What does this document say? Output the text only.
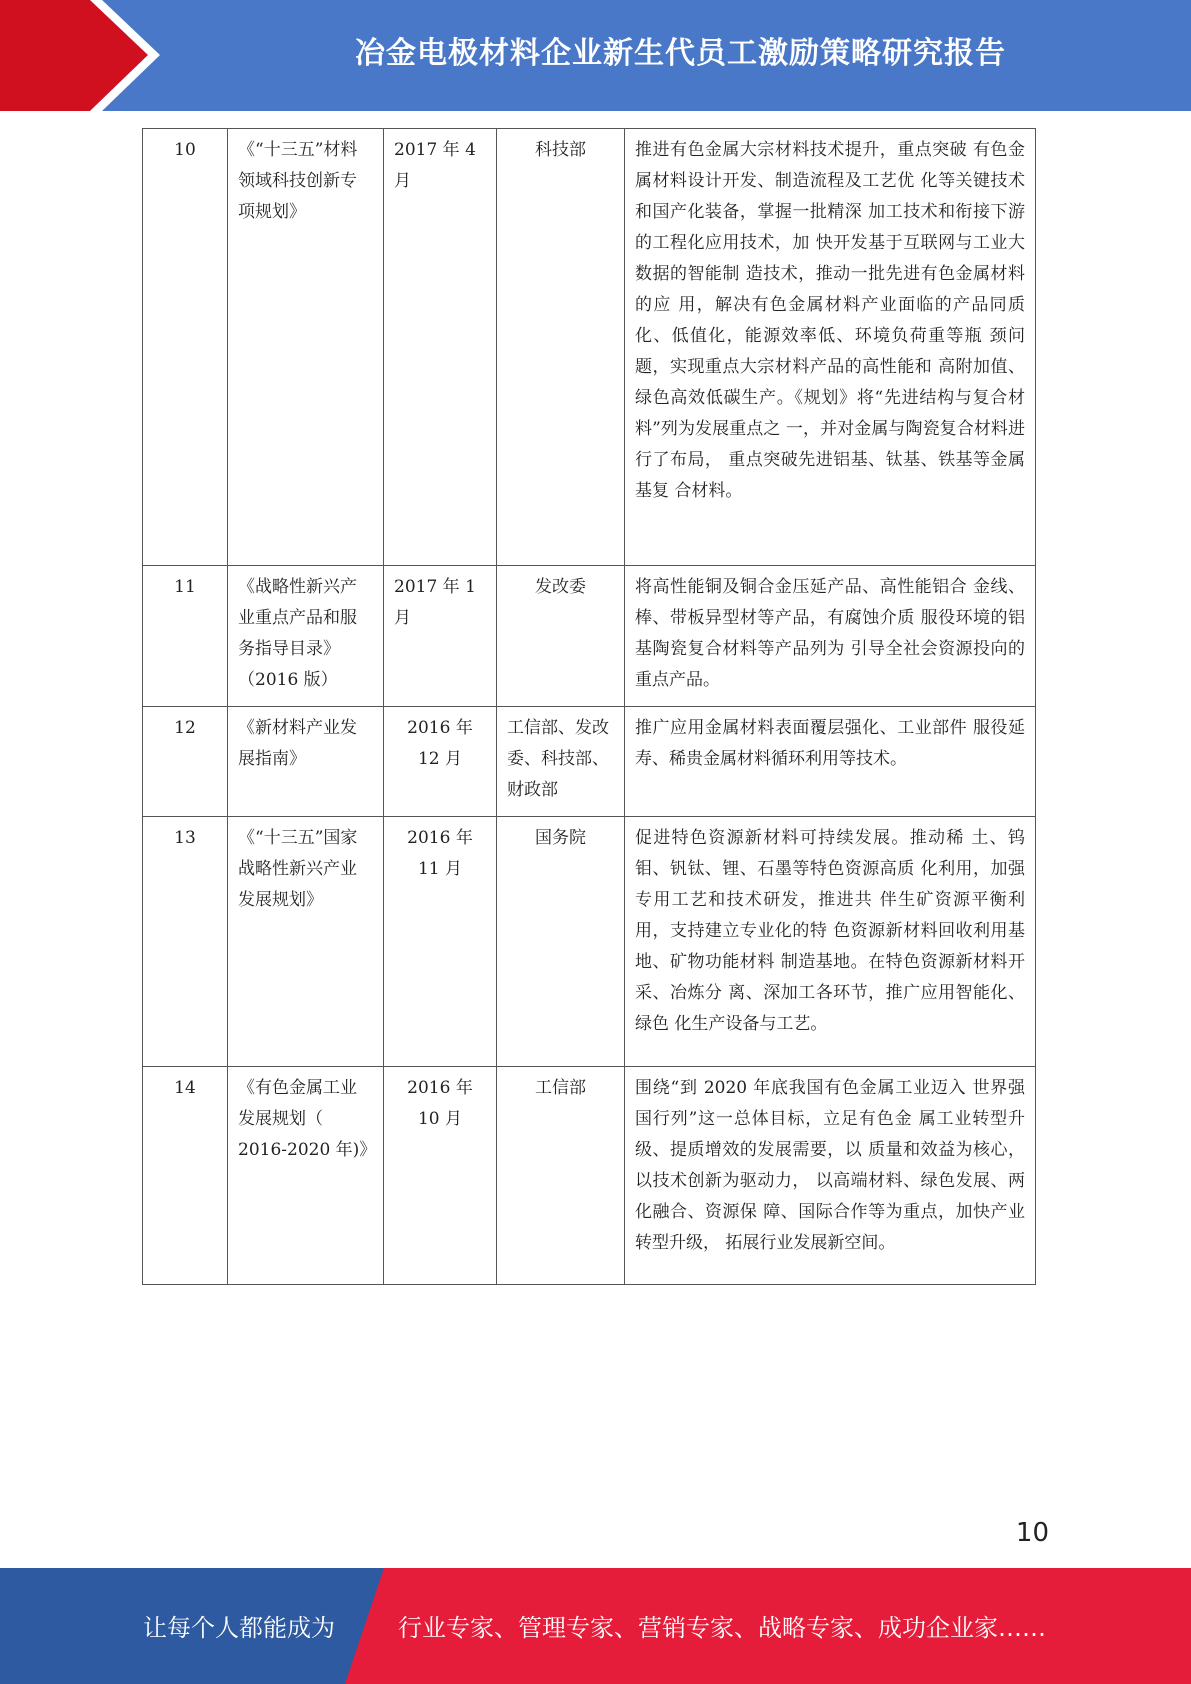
冶金电极材料企业新生代员工激励策略研究报告
10	《“十三五”材料 领域科技创新专 项规划》	2017 年 4 月	科技部	推进有色金属大宗材料技术提升，重点突破 有色金属材料设计开发、制造流程及工艺优 化等关键技术和国产化装备，掌握一批精深 加工技术和衔接下游的工程化应用技术，加 快开发基于互联网与工业大数据的智能制 造技术，推动一批先进有色金属材料的应 用，解决有色金属材料产业面临的产品同质 化、低值化，能源效率低、环境负荷重等瓶 颈问题，实现重点大宗材料产品的高性能和 高附加值、绿色高效低碳生产。《规划》将“先进结构与复合材料”列为发展重点之 一，并对金属与陶瓷复合材料进行了布局， 重点突破先进铝基、钛基、铁基等金属基复 合材料。
11	《战略性新兴产业重点产品和服务指导目录》（2016 版）	2017 年 1 月	发改委	将高性能铜及铜合金压延产品、高性能铝合 金线、棒、带板异型材等产品，有腐蚀介质 服役环境的铝基陶瓷复合材料等产品列为 引导全社会资源投向的重点产品。
12	《新材料产业发展指南》	2016 年 12 月	工信部、发改委、科技部、财政部	推广应用金属材料表面覆层强化、工业部件 服役延寿、稀贵金属材料循环利用等技术。
13	《“十三五”国家 战略性新兴产业 发展规划》	2016 年 11 月	国务院	促进特色资源新材料可持续发展。推动稀 土、钨钼、钒钛、锂、石墨等特色资源高质 化利用，加强专用工艺和技术研发，推进共 伴生矿资源平衡利用，支持建立专业化的特 色资源新材料回收利用基地、矿物功能材料 制造基地。在特色资源新材料开采、冶炼分 离、深加工各环节，推广应用智能化、绿色 化生产设备与工艺。
14	《有色金属工业发展规划（ 2016-2020 年)》	2016 年 10 月	工信部	围绕“到 2020 年底我国有色金属工业迈入 世界强国行列”这一总体目标，立足有色金 属工业转型升级、提质增效的发展需要，以 质量和效益为核心，以技术创新为驱动力， 以高端材料、绿色发展、两化融合、资源保 障、国际合作等为重点，加快产业转型升级， 拓展行业发展新空间。
10
让每个人都能成为	行业专家、管理专家、营销专家、战略专家、成功企业家……
